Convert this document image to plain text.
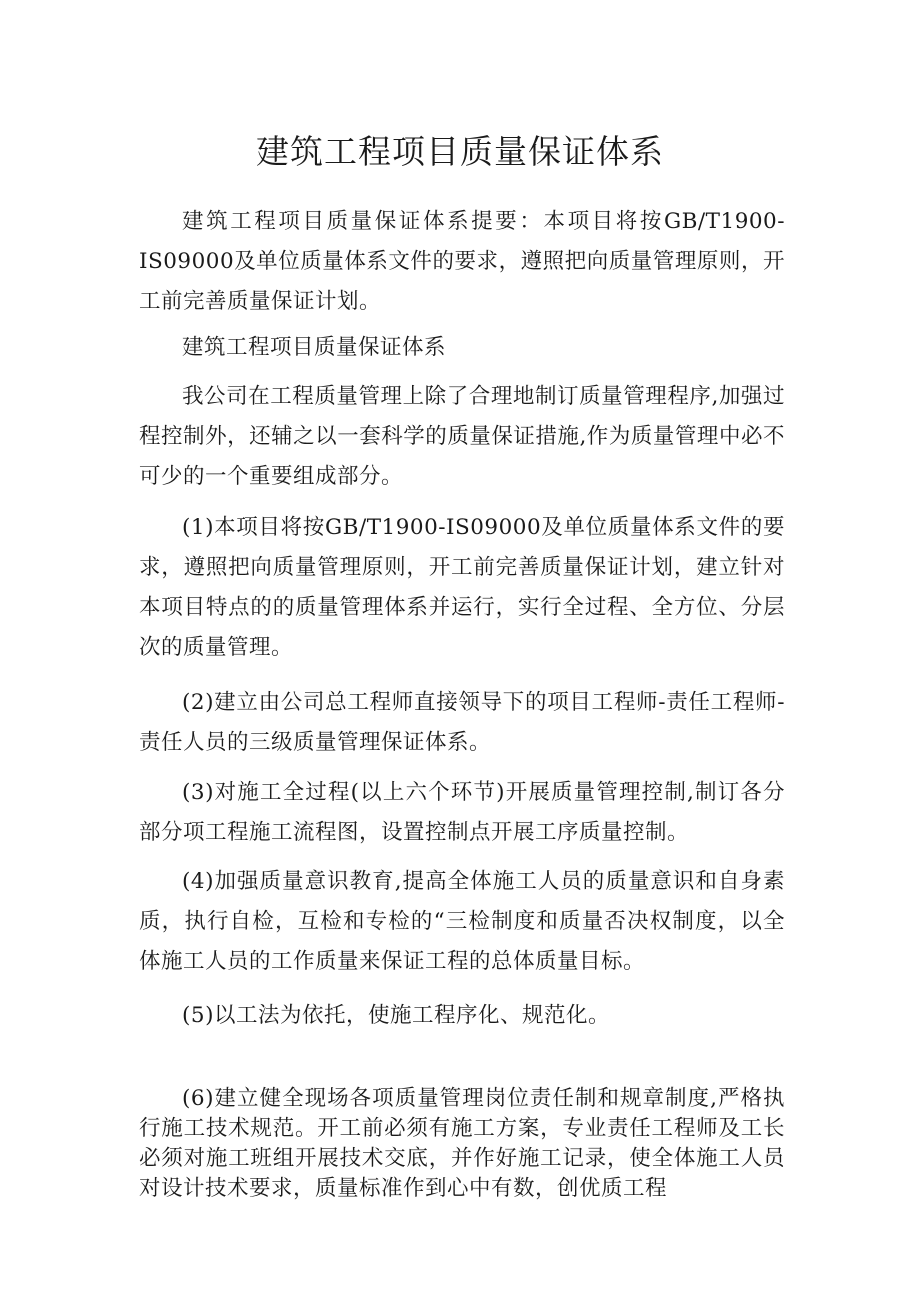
建筑工程项目质量保证体系

建筑工程项目质量保证体系提要：本项目将按GB/T1900-IS09000及单位质量体系文件的要求，遵照把向质量管理原则，开工前完善质量保证计划。

建筑工程项目质量保证体系

我公司在工程质量管理上除了合理地制订质量管理程序,加强过程控制外，还辅之以一套科学的质量保证措施,作为质量管理中必不可少的一个重要组成部分。

(1)本项目将按GB/T1900-IS09000及单位质量体系文件的要求，遵照把向质量管理原则，开工前完善质量保证计划，建立针对本项目特点的的质量管理体系并运行，实行全过程、全方位、分层次的质量管理。

(2)建立由公司总工程师直接领导下的项目工程师-责任工程师-责任人员的三级质量管理保证体系。

(3)对施工全过程(以上六个环节)开展质量管理控制,制订各分部分项工程施工流程图，设置控制点开展工序质量控制。

(4)加强质量意识教育,提高全体施工人员的质量意识和自身素质，执行自检，互检和专检的“三检制度和质量否决权制度，以全体施工人员的工作质量来保证工程的总体质量目标。

(5)以工法为依托，使施工程序化、规范化。

(6)建立健全现场各项质量管理岗位责任制和规章制度,严格执行施工技术规范。开工前必须有施工方案，专业责任工程师及工长必须对施工班组开展技术交底，并作好施工记录，使全体施工人员对设计技术要求，质量标准作到心中有数，创优质工程
